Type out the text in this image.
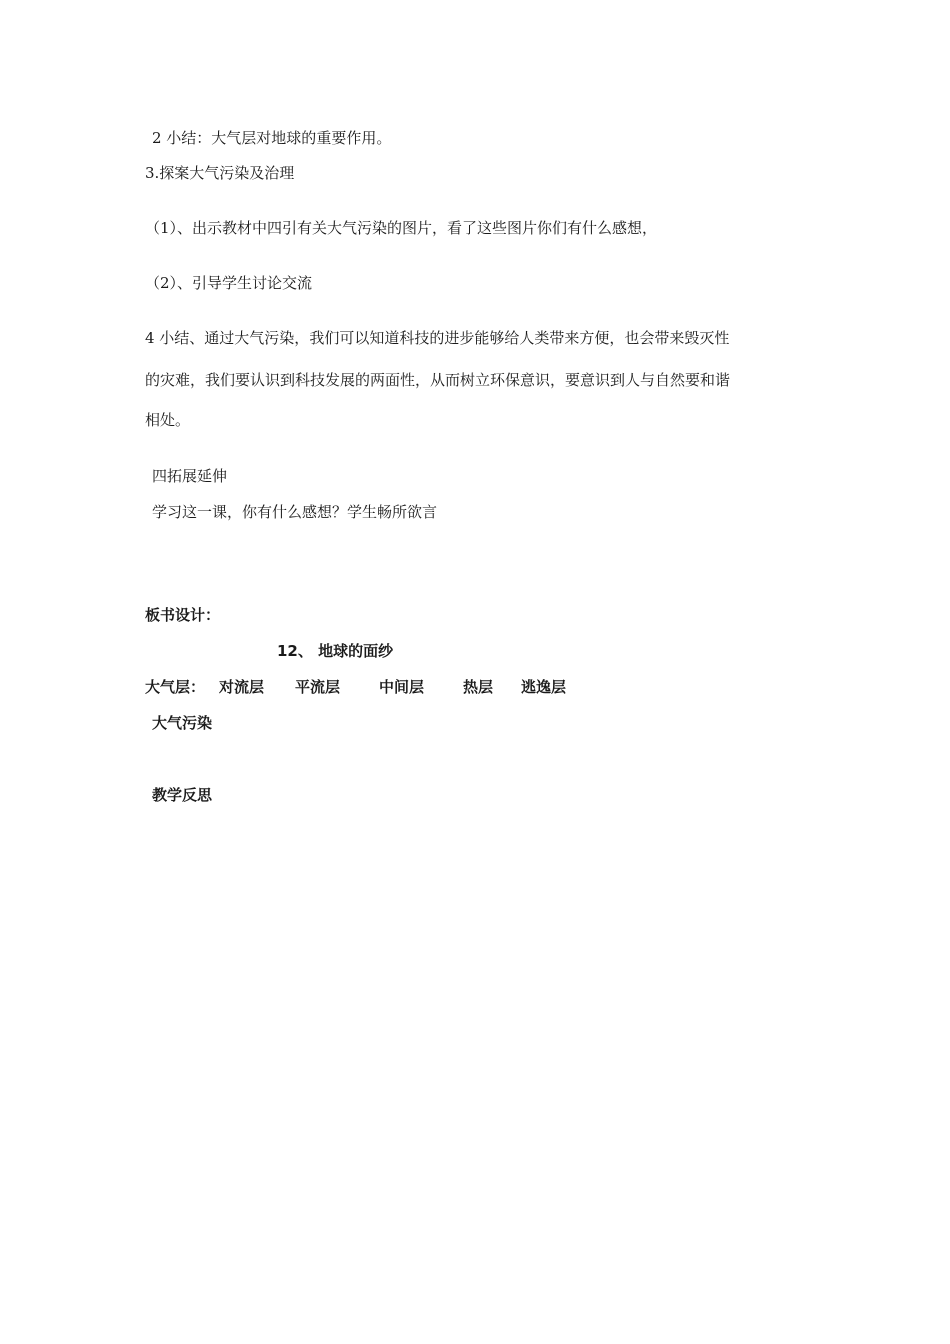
2 小结：大气层对地球的重要作用。
3.探案大气污染及治理
（1）、出示教材中四引有关大气污染的图片，看了这些图片你们有什么感想，
（2）、引导学生讨论交流
4 小结、通过大气污染，我们可以知道科技的进步能够给人类带来方便，也会带来毁灭性
的灾难，我们要认识到科技发展的两面性，从而树立环保意识，要意识到人与自然要和谐
相处。
四拓展延伸
学习这一课，你有什么感想？学生畅所欲言
板书设计：
12、 地球的面纱
大气层： 对流层 平流层	中间层	热层 逃逸层
大气污染
教学反思
